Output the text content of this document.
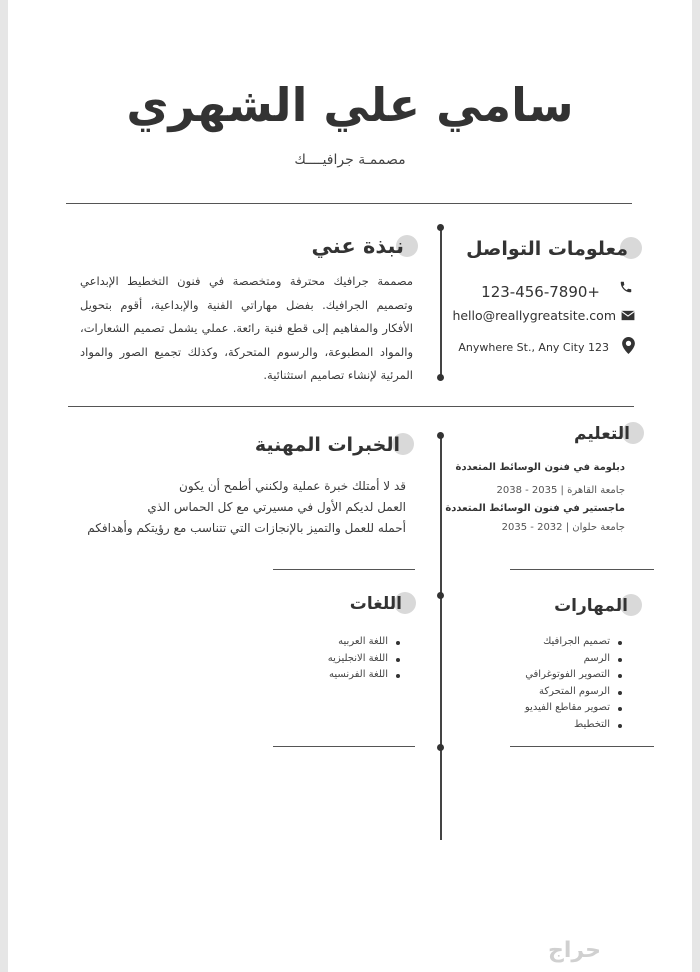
سامي علي الشهري
مصممـة جرافيــــك
معلومات التواصل
123-456-7890+
hello@reallygreatsite.com
Anywhere St., Any City 123
نبذة عني
مصممة جرافيك محترفة ومتخصصة في فنون التخطيط الإبداعي وتصميم الجرافيك. بفضل مهاراتي الفنية والإبداعية، أقوم بتحويل الأفكار والمفاهيم إلى قطع فنية رائعة. عملي يشمل تصميم الشعارات، والمواد المطبوعة، والرسوم المتحركة، وكذلك تجميع الصور والمواد المرئية لإنشاء تصاميم استثنائية.
التعليم
دبلومة في فنون الوسائط المتعددة
جامعة القاهرة | 2035 - 2038
ماجستير في فنون الوسائط المتعددة
جامعة حلوان | 2032 - 2035
الخبرات المهنية
قد لا أمتلك خبرة عملية ولكنني أطمح أن يكون
العمل لديكم الأول في مسيرتي مع كل الحماس الذي
أحمله للعمل والتميز بالإنجازات التي تتناسب مع رؤيتكم وأهدافكم
المهارات
تصميم الجرافيك
الرسم
التصوير الفوتوغرافي
الرسوم المتحركة
تصوير مقاطع الفيديو
التخطيط
اللغات
اللغة العربيه
اللغة الانجليزيه
اللغة الفرنسيه
حراج
